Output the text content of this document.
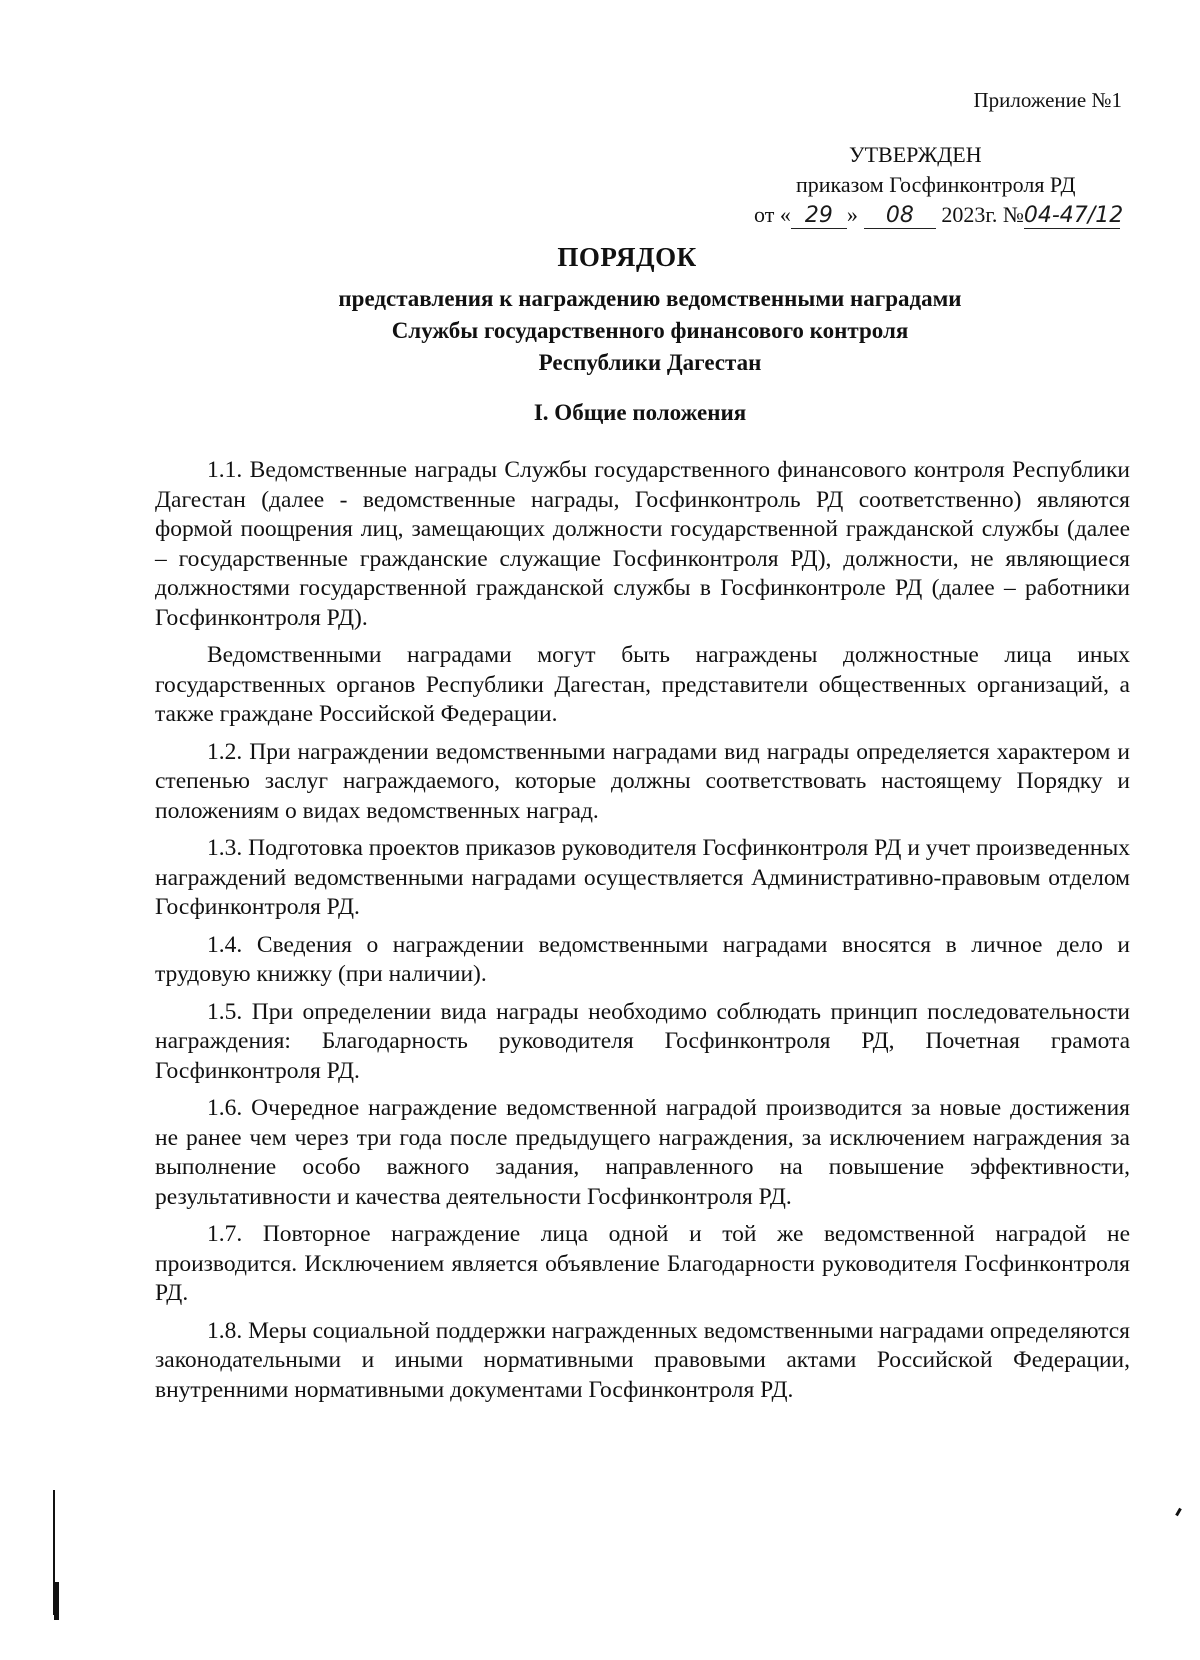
Приложение №1
УТВЕРЖДЕН
приказом Госфинконтроля РД
от « 29 » 08 2023г. №04-47/12
ПОРЯДОК
представления к награждению ведомственными наградами
Службы государственного финансового контроля
Республики Дагестан
I. Общие положения

1.1. Ведомственные награды Службы государственного финансового контроля Республики Дагестан (далее - ведомственные награды, Госфинконтроль РД соответственно) являются формой поощрения лиц, замещающих должности государственной гражданской службы (далее – государственные гражданские служащие Госфинконтроля РД), должности, не являющиеся должностями государственной гражданской службы в Госфинконтроле РД (далее – работники Госфинконтроля РД).

Ведомственными наградами могут быть награждены должностные лица иных государственных органов Республики Дагестан, представители общественных организаций, а также граждане Российской Федерации.

1.2. При награждении ведомственными наградами вид награды определяется характером и степенью заслуг награждаемого, которые должны соответствовать настоящему Порядку и положениям о видах ведомственных наград.

1.3. Подготовка проектов приказов руководителя Госфинконтроля РД и учет произведенных награждений ведомственными наградами осуществляется Административно-правовым отделом Госфинконтроля РД.

1.4. Сведения о награждении ведомственными наградами вносятся в личное дело и трудовую книжку (при наличии).

1.5. При определении вида награды необходимо соблюдать принцип последовательности награждения: Благодарность руководителя Госфинконтроля РД, Почетная грамота Госфинконтроля РД.

1.6. Очередное награждение ведомственной наградой производится за новые достижения не ранее чем через три года после предыдущего награждения, за исключением награждения за выполнение особо важного задания, направленного на повышение эффективности, результативности и качества деятельности Госфинконтроля РД.

1.7. Повторное награждение лица одной и той же ведомственной наградой не производится. Исключением является объявление Благодарности руководителя Госфинконтроля РД.

1.8. Меры социальной поддержки награжденных ведомственными наградами определяются законодательными и иными нормативными правовыми актами Российской Федерации, внутренними нормативными документами Госфинконтроля РД.
